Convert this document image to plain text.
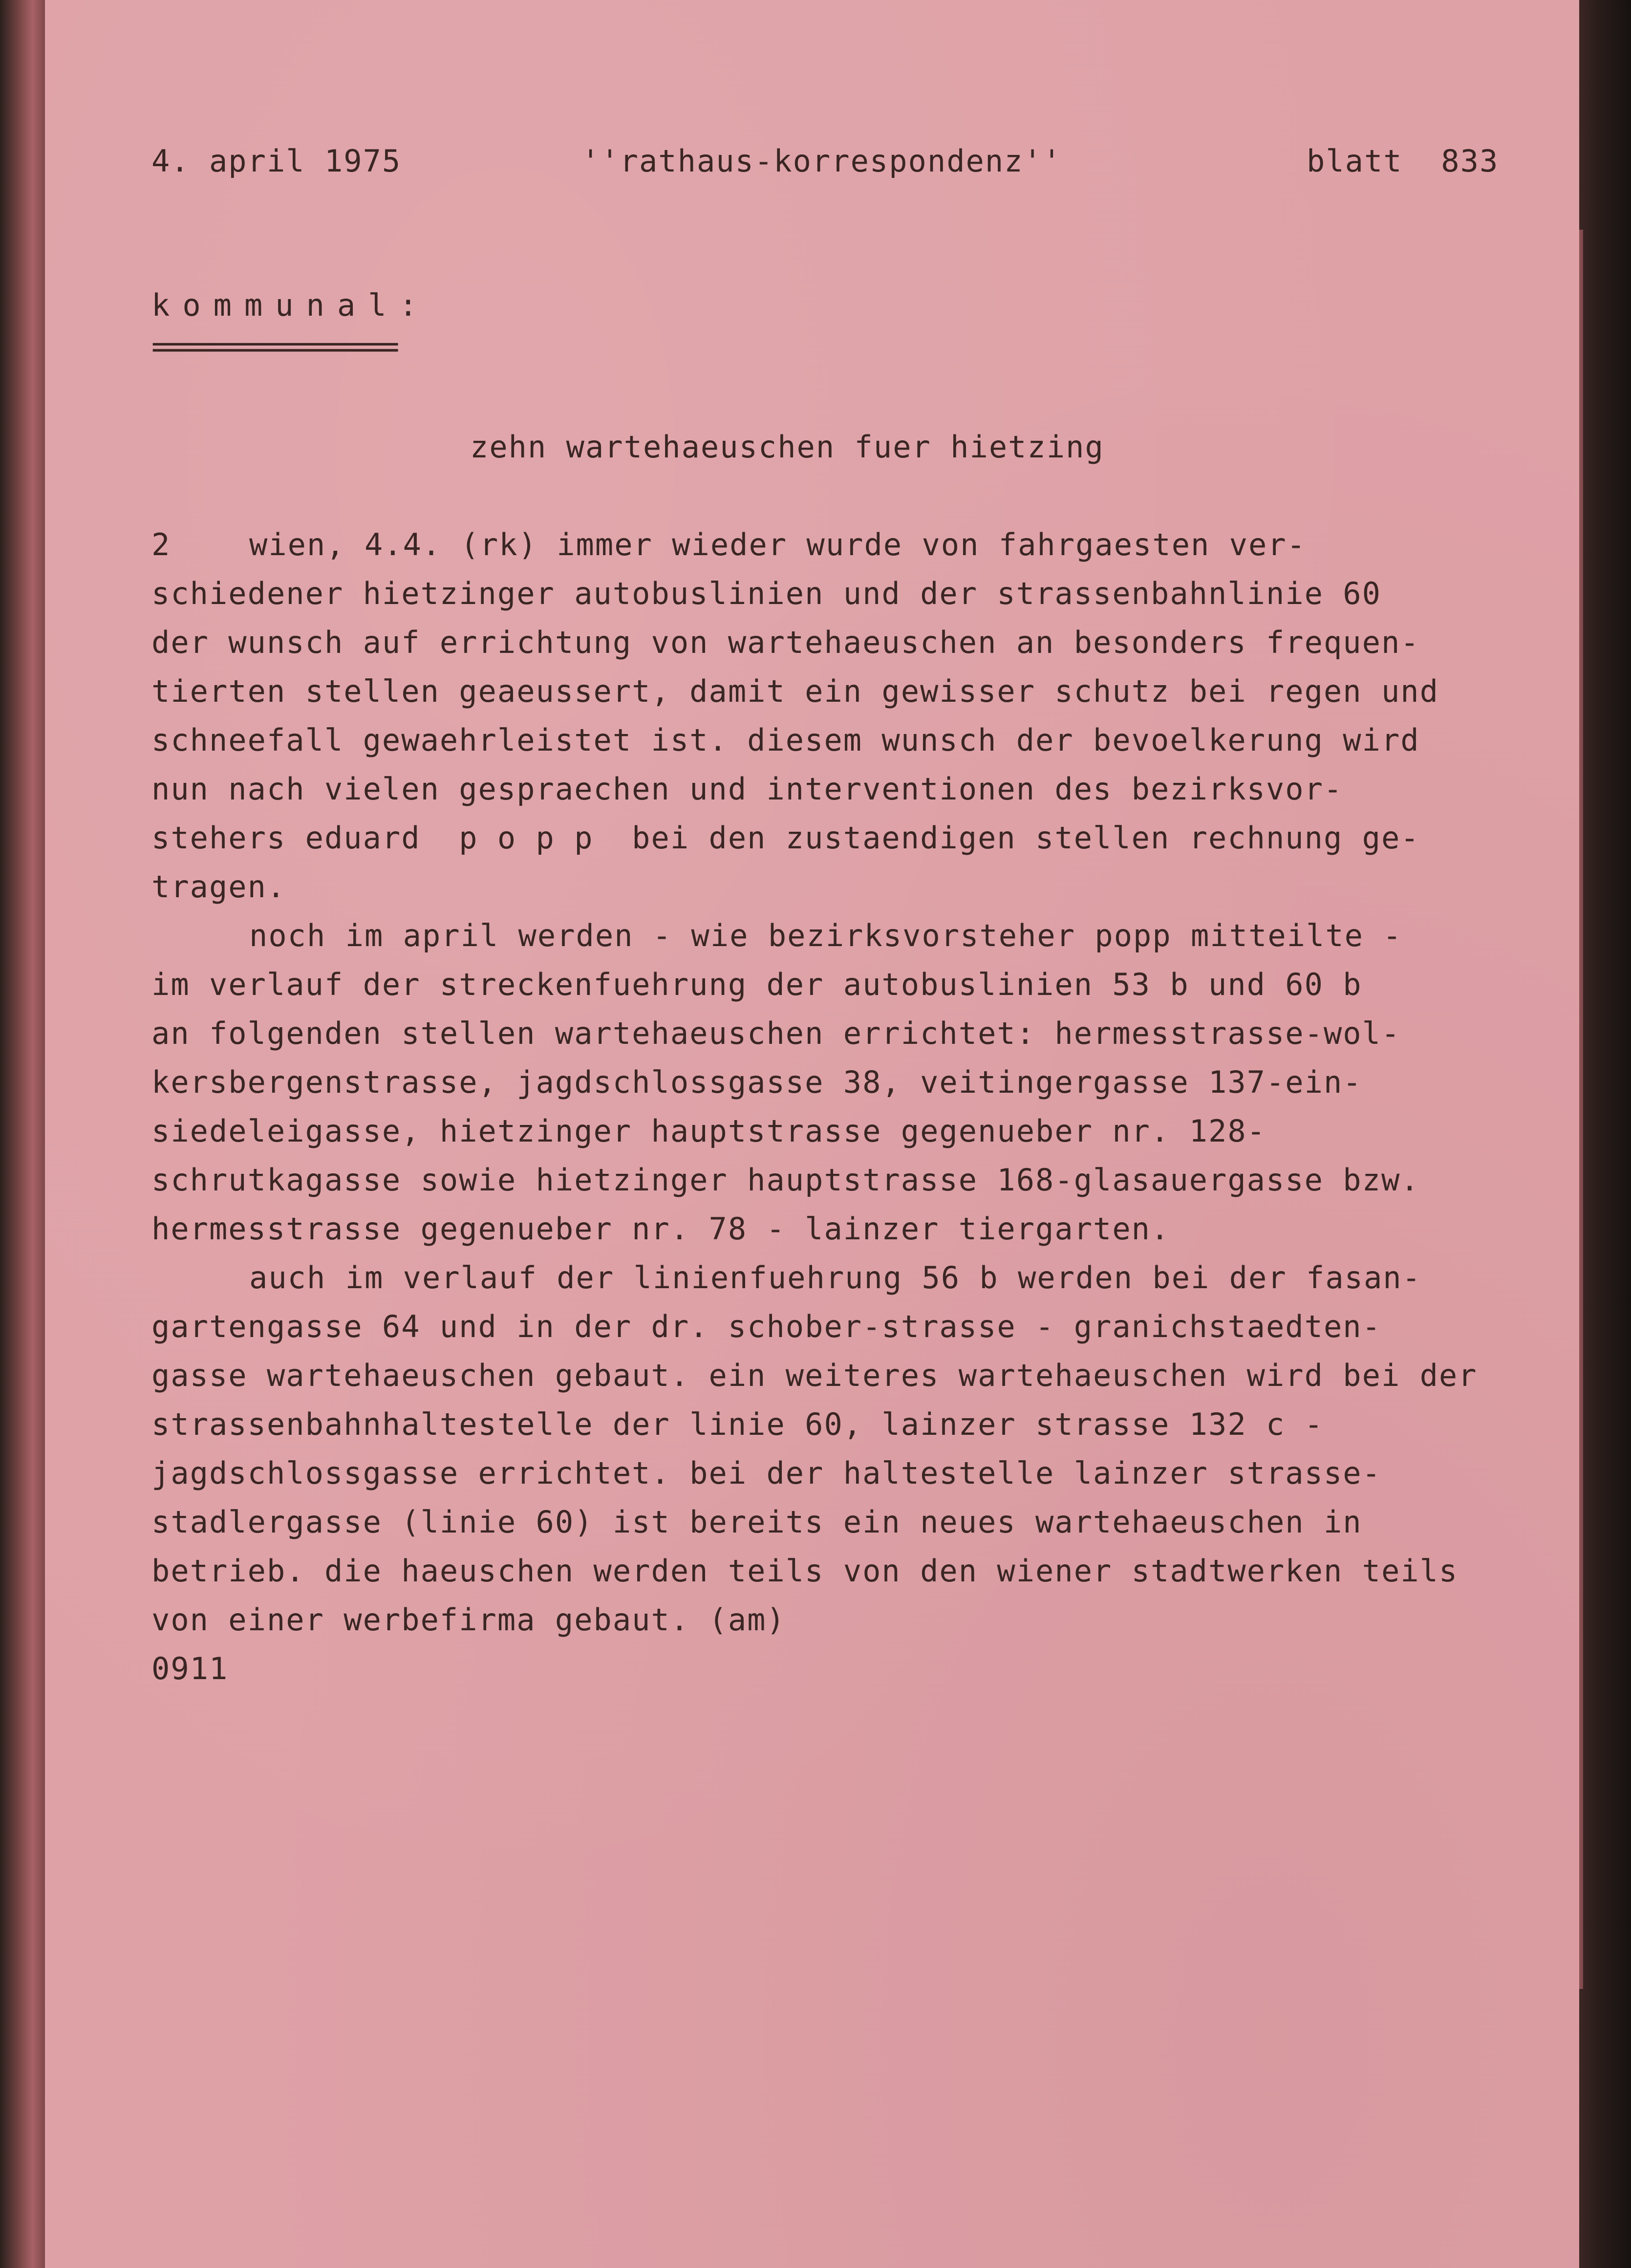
4. april 1975	''rathaus-korrespondenz''	blatt  833
kommunal:
================
zehn wartehaeuschen fuer hietzing
2	wien, 4.4. (rk) immer wieder wurde von fahrgaesten ver-
schiedener hietzinger autobuslinien und der strassenbahnlinie 60
der wunsch auf errichtung von wartehaeuschen an besonders frequen-
tierten stellen geaeussert, damit ein gewisser schutz bei regen und
schneefall gewaehrleistet ist. diesem wunsch der bevoelkerung wird
nun nach vielen gespraechen und interventionen des bezirksvor-
stehers eduard  p o p p  bei den zustaendigen stellen rechnung ge-
tragen.
noch im april werden - wie bezirksvorsteher popp mitteilte -
im verlauf der streckenfuehrung der autobuslinien 53 b und 60 b
an folgenden stellen wartehaeuschen errichtet: hermesstrasse-wol-
kersbergenstrasse, jagdschlossgasse 38, veitingergasse 137-ein-
siedeleigasse, hietzinger hauptstrasse gegenueber nr. 128-
schrutkagasse sowie hietzinger hauptstrasse 168-glasauergasse bzw.
hermesstrasse gegenueber nr. 78 - lainzer tiergarten.
auch im verlauf der linienfuehrung 56 b werden bei der fasan-
gartengasse 64 und in der dr. schober-strasse - granichstaedten-
gasse wartehaeuschen gebaut. ein weiteres wartehaeuschen wird bei der
strassenbahnhaltestelle der linie 60, lainzer strasse 132 c -
jagdschlossgasse errichtet. bei der haltestelle lainzer strasse-
stadlergasse (linie 60) ist bereits ein neues wartehaeuschen in
betrieb. die haeuschen werden teils von den wiener stadtwerken teils
von einer werbefirma gebaut. (am)
0911
